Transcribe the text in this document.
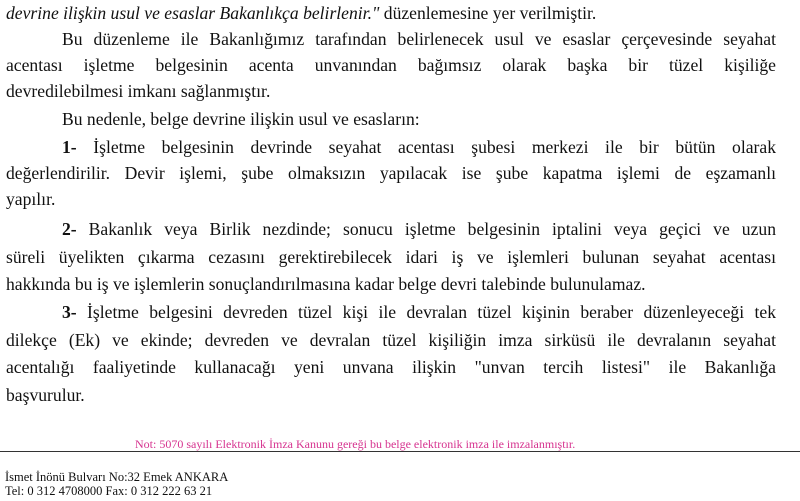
devrine ilişkin usul ve esaslar Bakanlıkça belirlenir." düzenlemesine yer verilmiştir.
Bu düzenleme ile Bakanlığımız tarafından belirlenecek usul ve esaslar çerçevesinde seyahat
acentası işletme belgesinin acenta unvanından bağımsız olarak başka bir tüzel kişiliğe
devredilebilmesi imkanı sağlanmıştır.
Bu nedenle, belge devrine ilişkin usul ve esasların:
1- İşletme belgesinin devrinde seyahat acentası şubesi merkezi ile bir bütün olarak
değerlendirilir. Devir işlemi, şube olmaksızın yapılacak ise şube kapatma işlemi de eşzamanlı
yapılır.
2- Bakanlık veya Birlik nezdinde; sonucu işletme belgesinin iptalini veya geçici ve uzun
süreli üyelikten çıkarma cezasını gerektirebilecek idari iş ve işlemleri bulunan seyahat acentası
hakkında bu iş ve işlemlerin sonuçlandırılmasına kadar belge devri talebinde bulunulamaz.
3- İşletme belgesini devreden tüzel kişi ile devralan tüzel kişinin beraber düzenleyeceği tek
dilekçe (Ek) ve ekinde; devreden ve devralan tüzel kişiliğin imza sirküsü ile devralanın seyahat
acentalığı faaliyetinde kullanacağı yeni unvana ilişkin "unvan tercih listesi" ile Bakanlığa
başvurulur.
Not: 5070 sayılı Elektronik İmza Kanunu gereği bu belge elektronik imza ile imzalanmıştır.
İsmet İnönü Bulvarı No:32 Emek ANKARA
Tel: 0 312 4708000 Fax: 0 312 222 63 21
